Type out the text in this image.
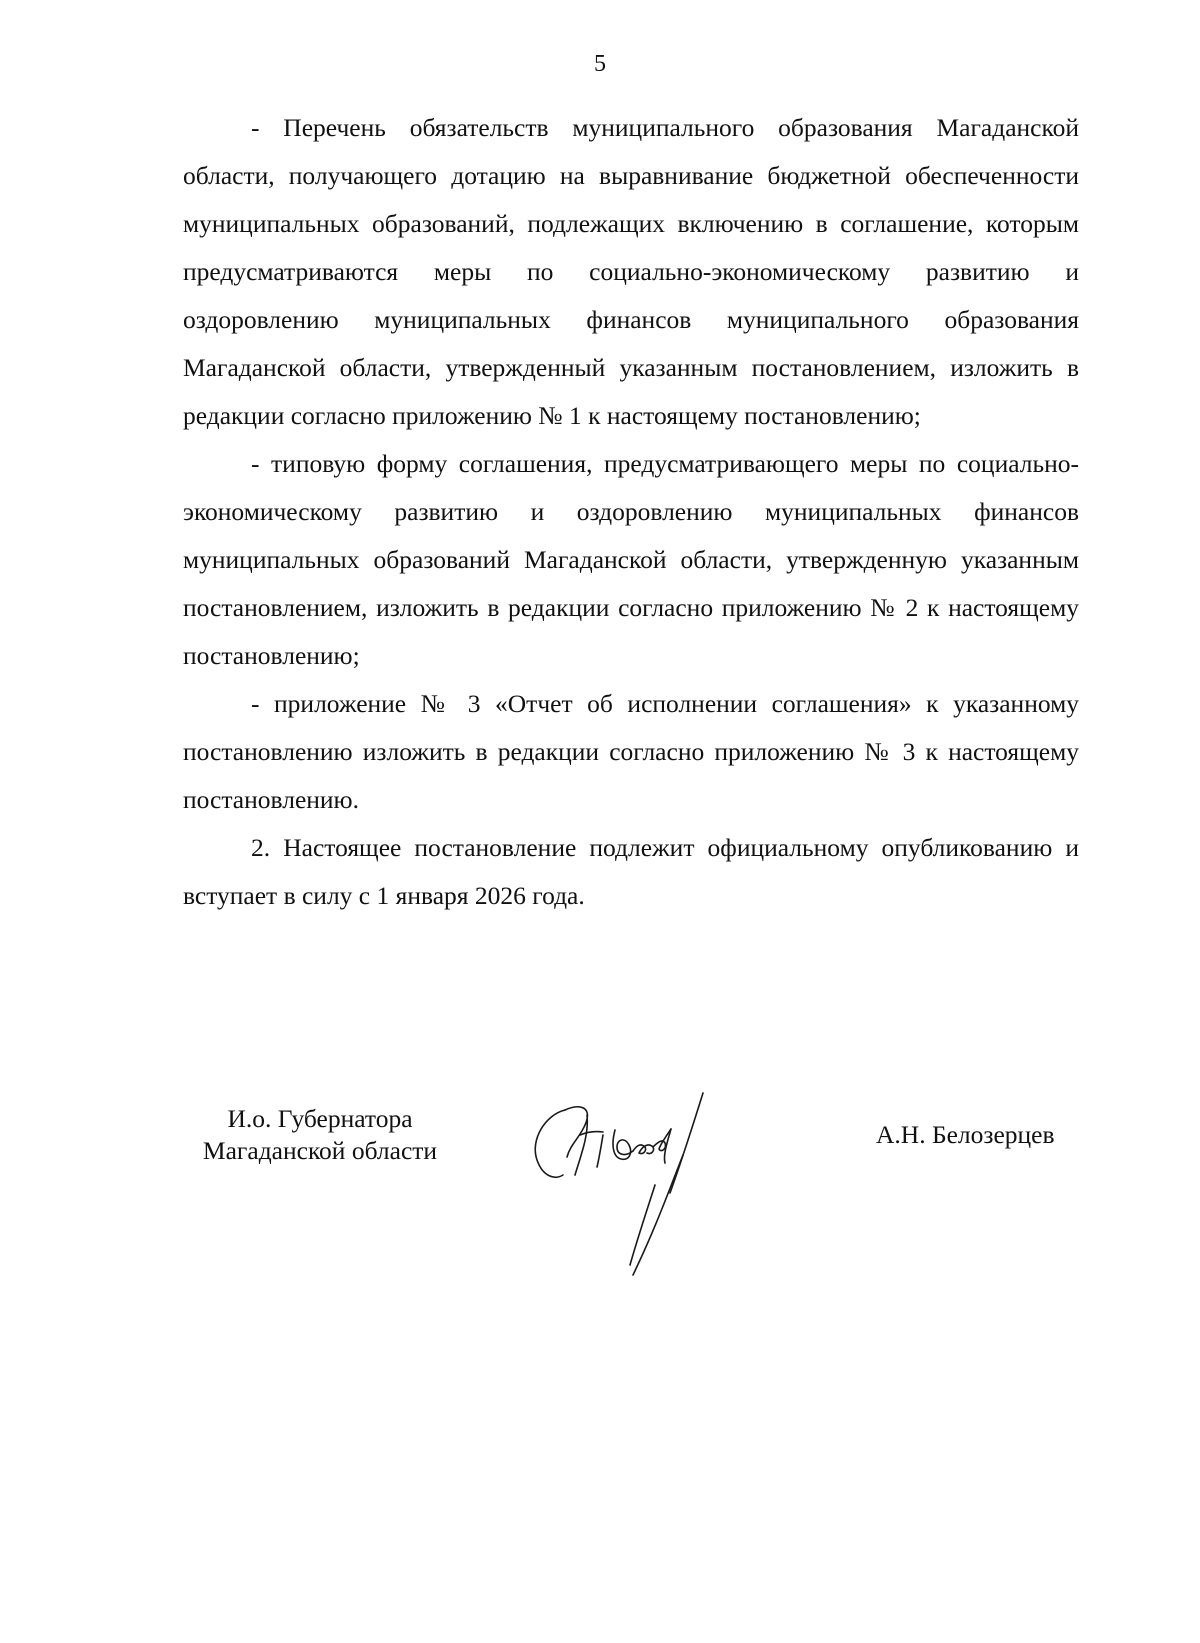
5

- Перечень обязательств муниципального образования Магаданской области, получающего дотацию на выравнивание бюджетной обеспеченности муниципальных образований, подлежащих включению в соглашение, которым предусматриваются меры по социально-экономическому развитию и оздоровлению муниципальных финансов муниципального образования Магаданской области, утвержденный указанным постановлением, изложить в редакции согласно приложению № 1 к настоящему постановлению;

- типовую форму соглашения, предусматривающего меры по социально-экономическому развитию и оздоровлению муниципальных финансов муниципальных образований Магаданской области, утвержденную указанным постановлением, изложить в редакции согласно приложению № 2 к настоящему постановлению;

- приложение № 3 «Отчет об исполнении соглашения» к указанному постановлению изложить в редакции согласно приложению № 3 к настоящему постановлению.

2. Настоящее постановление подлежит официальному опубликованию и вступает в силу с 1 января 2026 года.

И.о. Губернатора
Магаданской области
А.Н. Белозерцев
